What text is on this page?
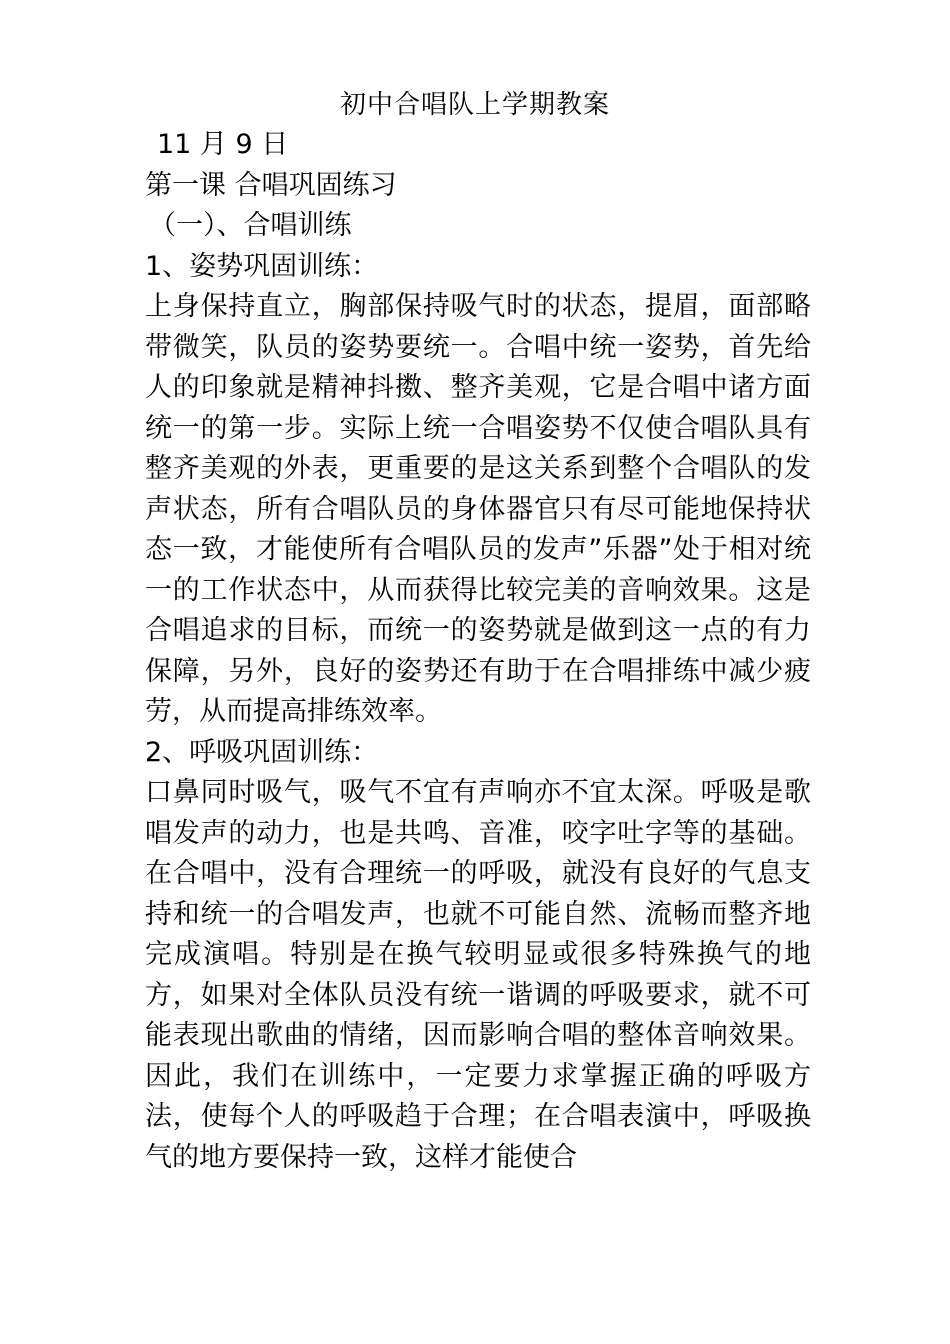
初中合唱队上学期教案
11 月 9 日
第一课 合唱巩固练习
（一）、合唱训练
1、姿势巩固训练：

上身保持直立，胸部保持吸气时的状态，提眉，面部略带微笑，队员的姿势要统一。合唱中统一姿势，首先给人的印象就是精神抖擞、整齐美观，它是合唱中诸方面统一的第一步。实际上统一合唱姿势不仅使合唱队具有整齐美观的外表，更重要的是这关系到整个合唱队的发声状态，所有合唱队员的身体器官只有尽可能地保持状态一致，才能使所有合唱队员的发声”乐器”处于相对统一的工作状态中，从而获得比较完美的音响效果。这是合唱追求的目标，而统一的姿势就是做到这一点的有力保障，另外，良好的姿势还有助于在合唱排练中减少疲劳，从而提高排练效率。

2、呼吸巩固训练：

口鼻同时吸气，吸气不宜有声响亦不宜太深。呼吸是歌唱发声的动力，也是共鸣、音准，咬字吐字等的基础。在合唱中，没有合理统一的呼吸，就没有良好的气息支持和统一的合唱发声，也就不可能自然、流畅而整齐地完成演唱。特别是在换气较明显或很多特殊换气的地方，如果对全体队员没有统一谐调的呼吸要求，就不可能表现出歌曲的情绪，因而影响合唱的整体音响效果。因此，我们在训练中，一定要力求掌握正确的呼吸方法，使每个人的呼吸趋于合理；在合唱表演中，呼吸换气的地方要保持一致，这样才能使合
